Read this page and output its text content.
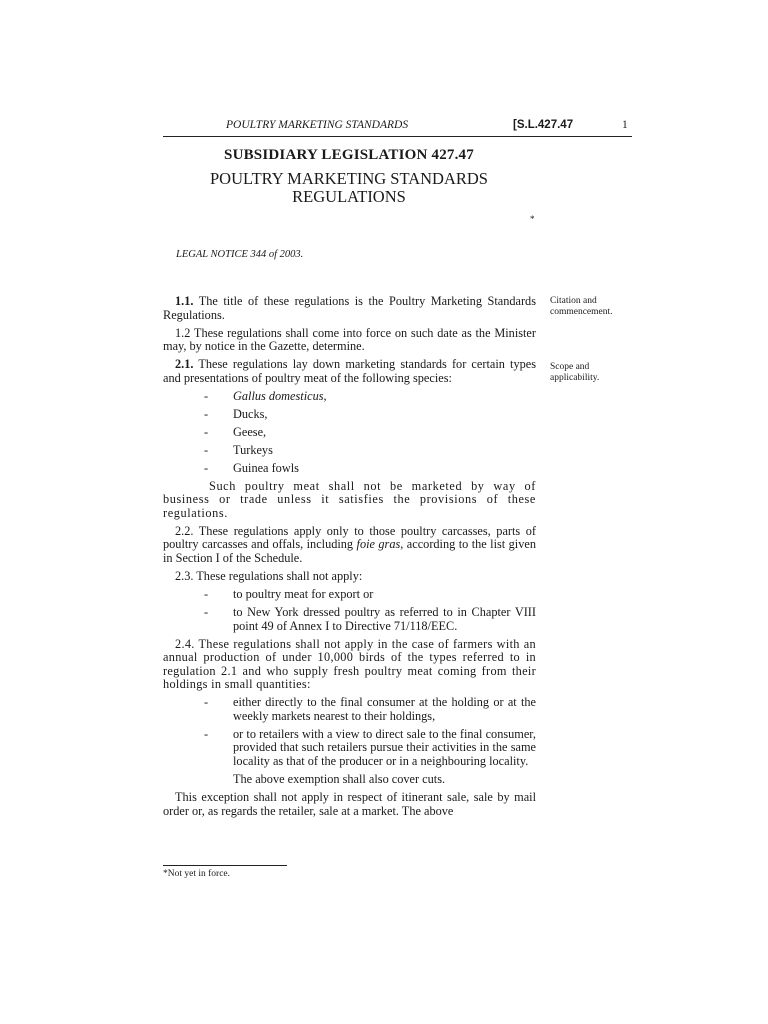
POULTRY MARKETING STANDARDS	[S.L.427.47	1
SUBSIDIARY LEGISLATION 427.47
POULTRY MARKETING STANDARDS
REGULATIONS
*
LEGAL NOTICE 344 of 2003.
Citation and commencement.
Scope and applicability.

1.1. The title of these regulations is the Poultry Marketing Standards Regulations.

1.2 These regulations shall come into force on such date as the Minister may, by notice in the Gazette, determine.

2.1. These regulations lay down marketing standards for certain types and presentations of poultry meat of the following species:

- Gallus domesticus,
- Ducks,
- Geese,
- Turkeys
- Guinea fowls

Such poultry meat shall not be marketed by way of business or trade unless it satisfies the provisions of these regulations.

2.2. These regulations apply only to those poultry carcasses, parts of poultry carcasses and offals, including foie gras, according to the list given in Section I of the Schedule.

2.3. These regulations shall not apply:

- to poultry meat for export or
- to New York dressed poultry as referred to in Chapter VIII point 49 of Annex I to Directive 71/118/EEC.

2.4. These regulations shall not apply in the case of farmers with an annual production of under 10,000 birds of the types referred to in regulation 2.1 and who supply fresh poultry meat coming from their holdings in small quantities:

- either directly to the final consumer at the holding or at the weekly markets nearest to their holdings,
- or to retailers with a view to direct sale to the final consumer, provided that such retailers pursue their activities in the same locality as that of the producer or in a neighbouring locality.
The above exemption shall also cover cuts.

This exception shall not apply in respect of itinerant sale, sale by mail order or, as regards the retailer, sale at a market. The above

*Not yet in force.
